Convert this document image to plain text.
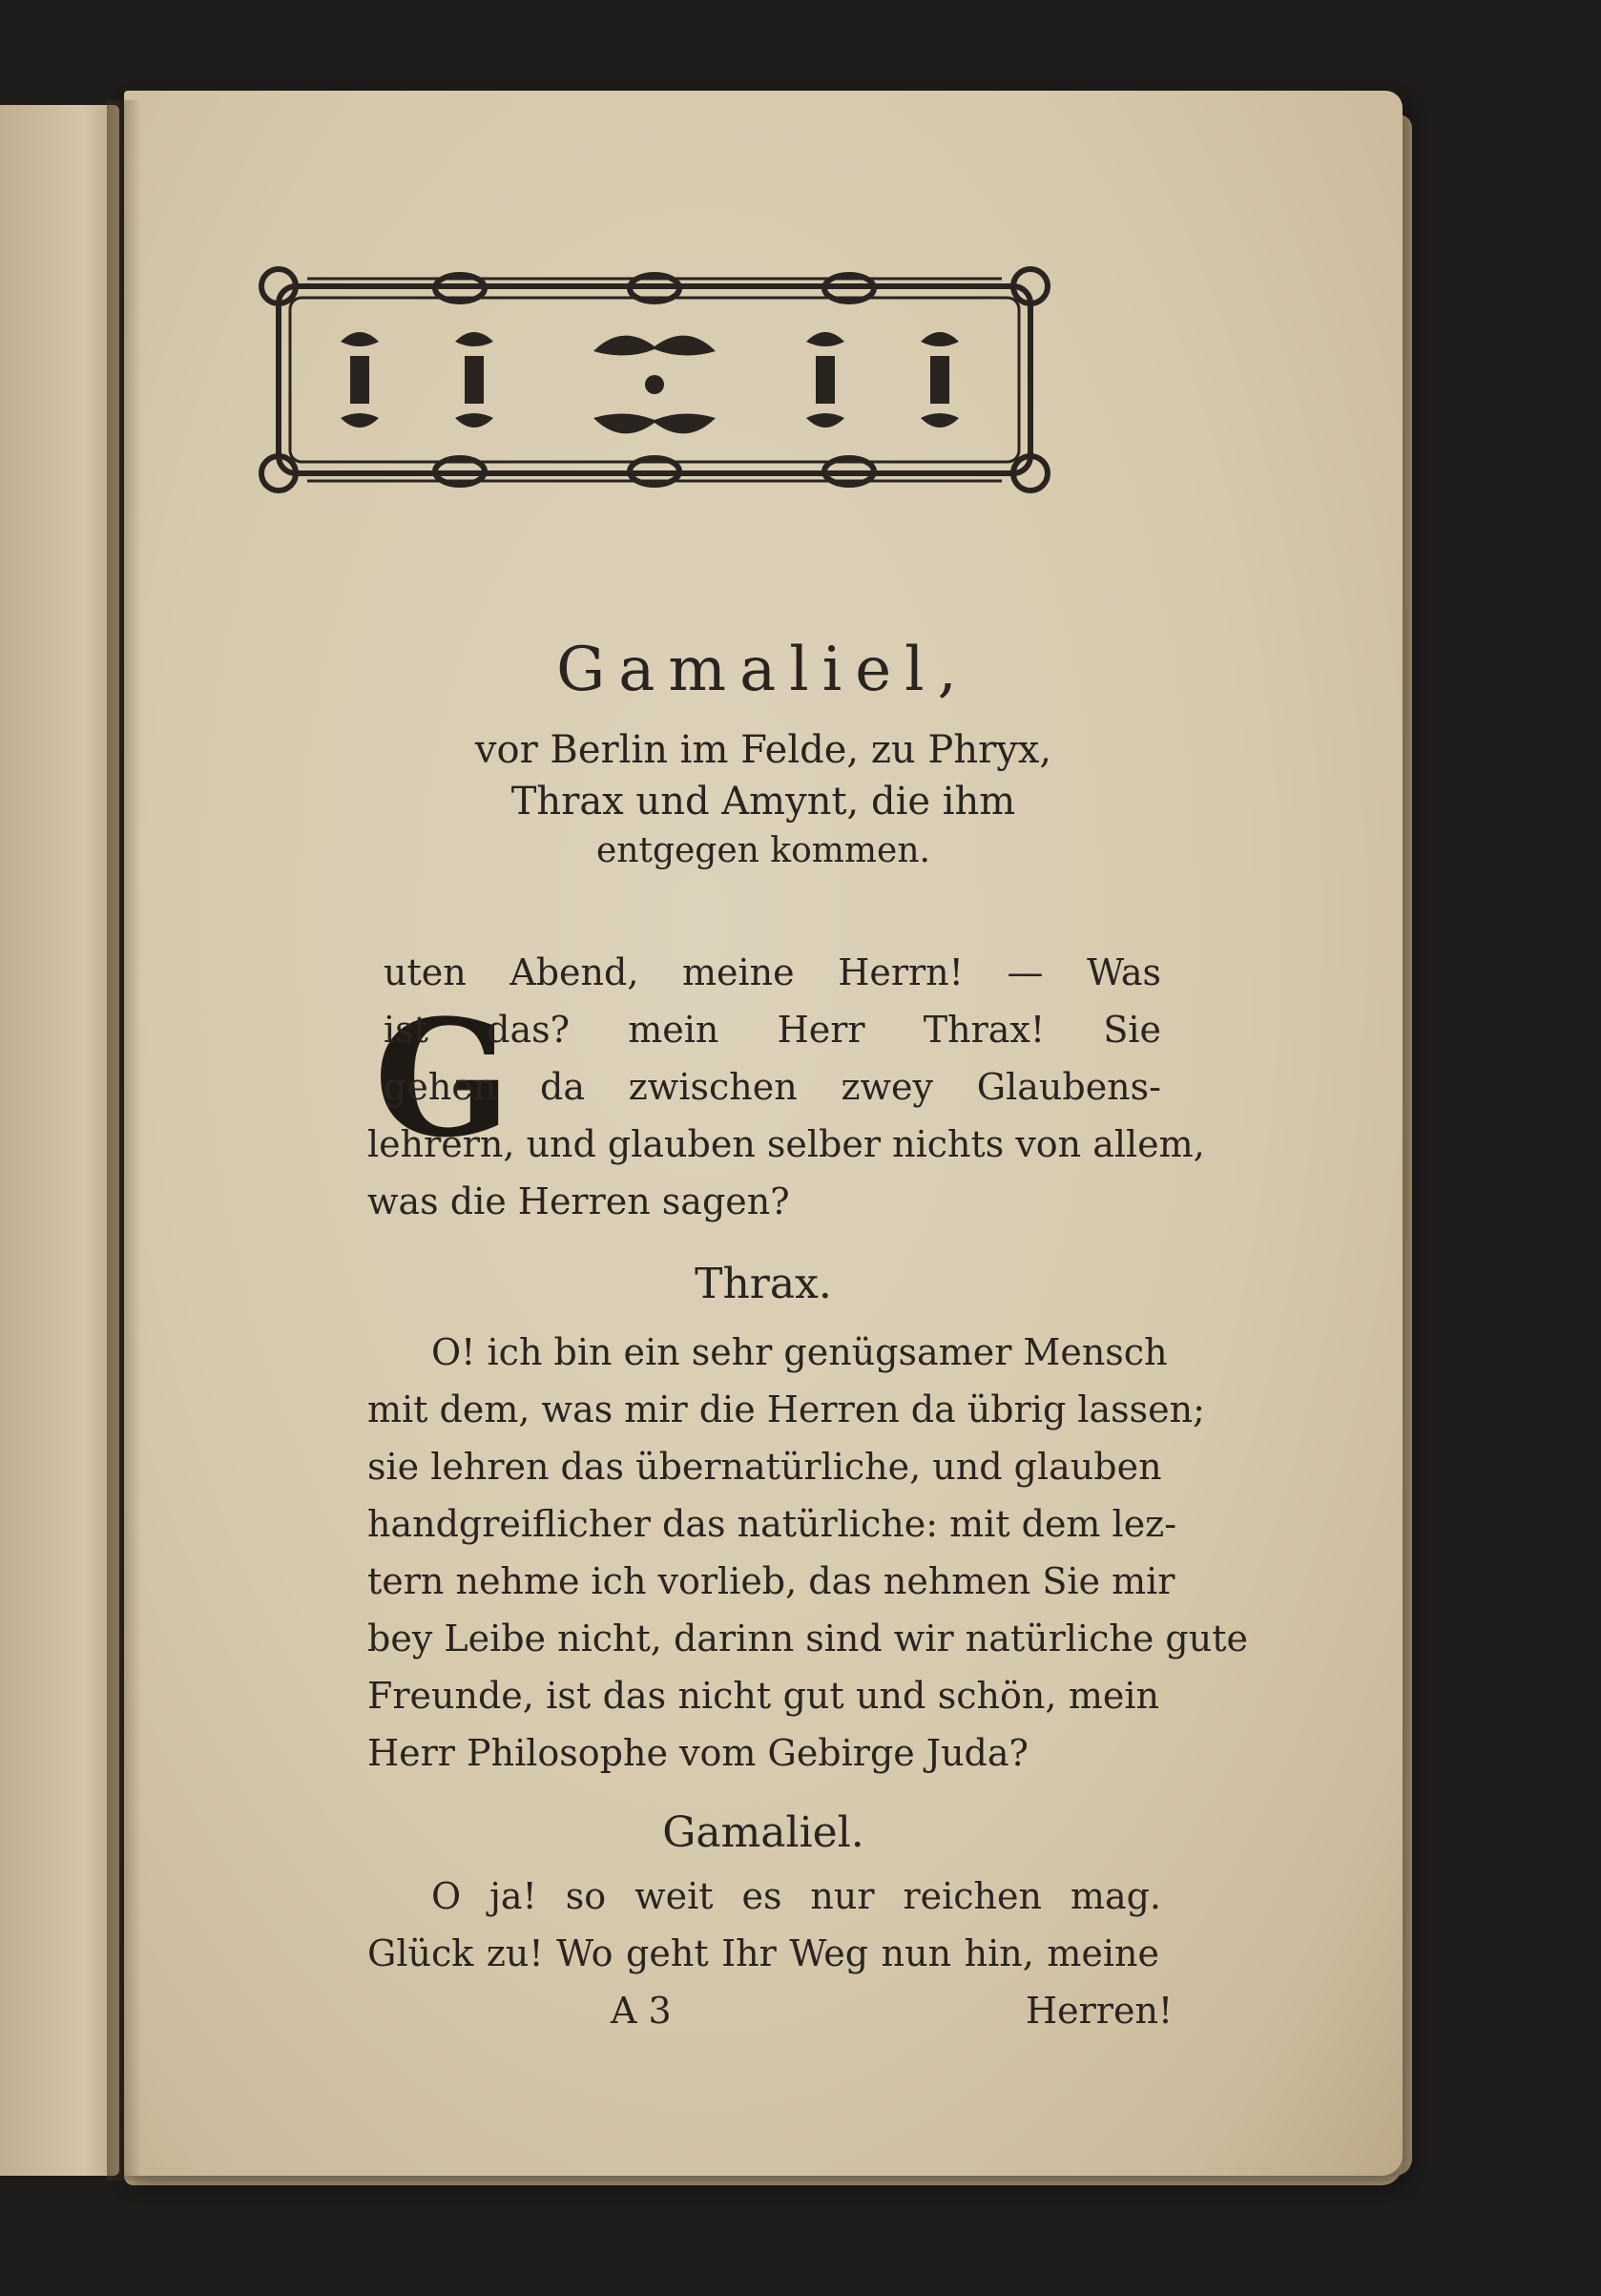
Gamaliel,
vor Berlin im Felde, zu Phryx,
Thrax und Amynt, die ihm
entgegen kommen.
G
uten Abend, meine Herrn! — Was
ist das? mein Herr Thrax! Sie
gehen da zwischen zwey Glaubens-
lehrern, und glauben selber nichts von allem,
was die Herren sagen?
Thrax.
O! ich bin ein sehr genügsamer Mensch
mit dem, was mir die Herren da übrig lassen;
sie lehren das übernatürliche, und glauben
handgreiflicher das natürliche: mit dem lez-
tern nehme ich vorlieb, das nehmen Sie mir
bey Leibe nicht, darinn sind wir natürliche gute
Freunde, ist das nicht gut und schön, mein
Herr Philosophe vom Gebirge Juda?
Gamaliel.
O ja! so weit es nur reichen mag.
Glück zu! Wo geht Ihr Weg nun hin, meine
A 3	Herren!
